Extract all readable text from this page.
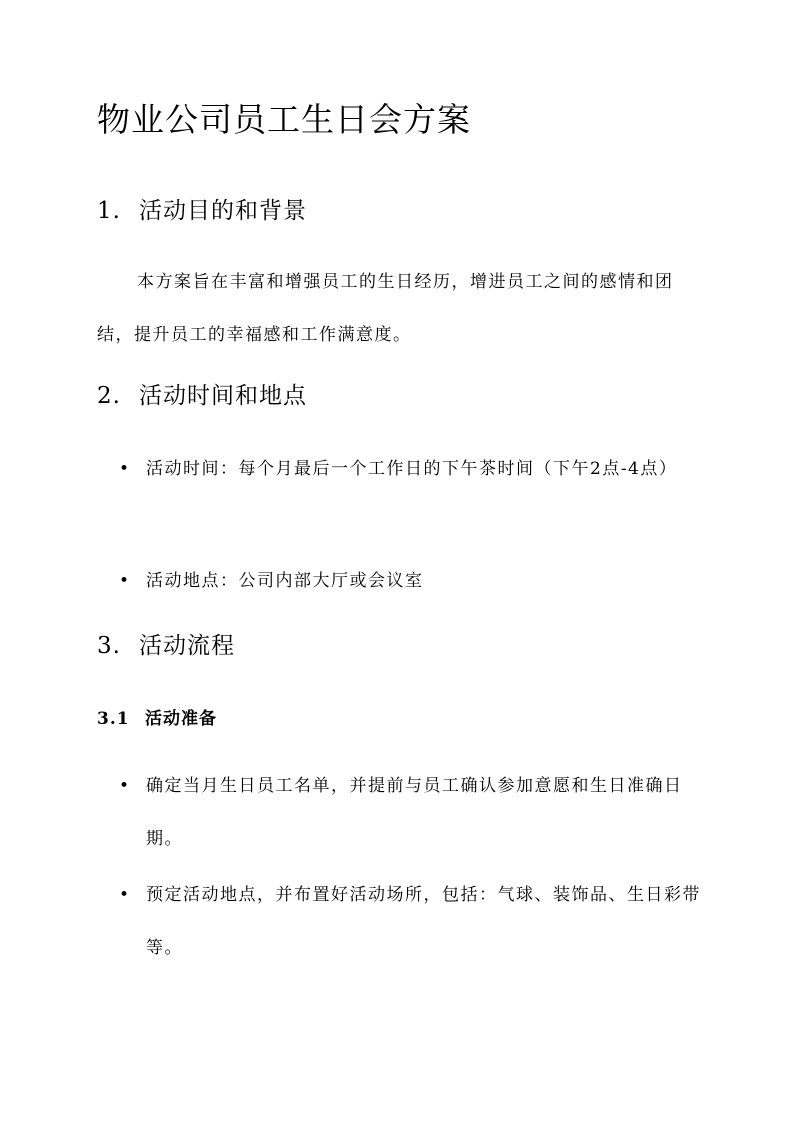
物业公司员工生日会方案
1. 活动目的和背景
本方案旨在丰富和增强员工的生日经历，增进员工之间的感情和团结，提升员工的幸福感和工作满意度。
2. 活动时间和地点
• 活动时间：每个月最后一个工作日的下午茶时间（下午2点-4点）
• 活动地点：公司内部大厅或会议室
3. 活动流程
3.1 活动准备
• 确定当月生日员工名单，并提前与员工确认参加意愿和生日准确日期。
• 预定活动地点，并布置好活动场所，包括：气球、装饰品、生日彩带等。
